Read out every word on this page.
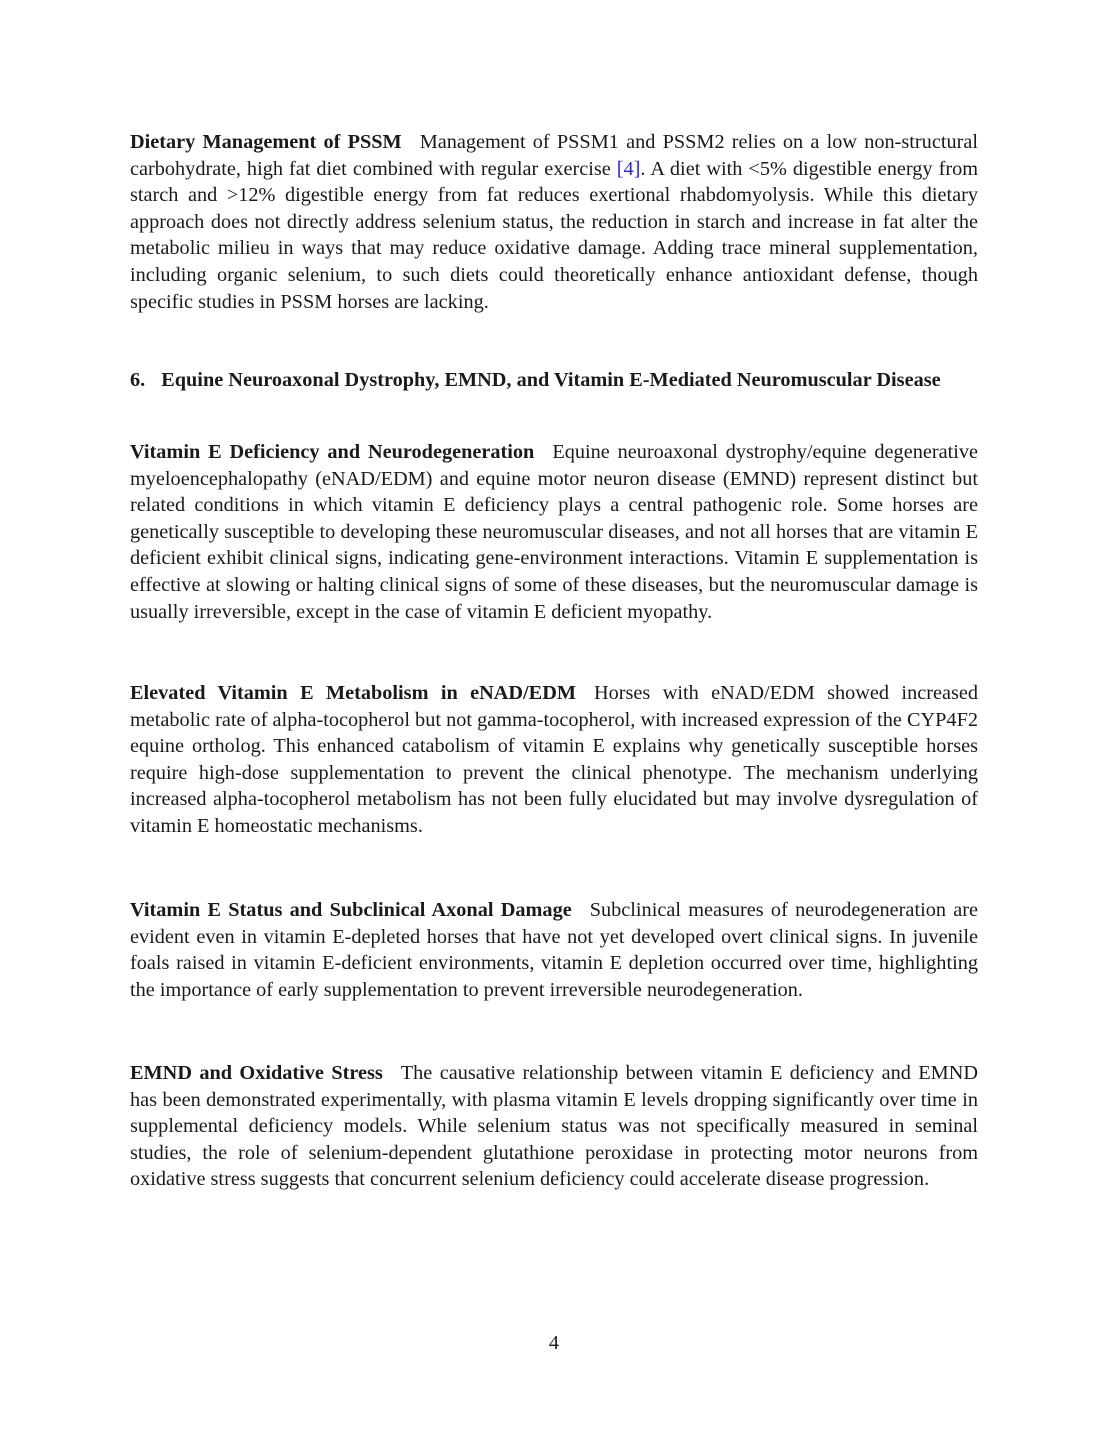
Dietary Management of PSSM Management of PSSM1 and PSSM2 relies on a low non-structural carbohydrate, high fat diet combined with regular exercise [4]. A diet with <5% digestible energy from starch and >12% digestible energy from fat reduces exertional rhabdomyolysis. While this dietary approach does not directly address selenium status, the reduction in starch and increase in fat alter the metabolic milieu in ways that may reduce oxidative damage. Adding trace mineral supplementation, including organic selenium, to such diets could theoretically enhance antioxidant defense, though specific studies in PSSM horses are lacking.

6. Equine Neuroaxonal Dystrophy, EMND, and Vitamin E-Mediated Neuromuscular Disease

Vitamin E Deficiency and Neurodegeneration Equine neuroaxonal dystrophy/equine degenerative myeloencephalopathy (eNAD/EDM) and equine motor neuron disease (EMND) represent distinct but related conditions in which vitamin E deficiency plays a central pathogenic role. Some horses are genetically susceptible to developing these neuromuscular diseases, and not all horses that are vitamin E deficient exhibit clinical signs, indicating gene-environment interactions. Vitamin E supplementation is effective at slowing or halting clinical signs of some of these diseases, but the neuromuscular damage is usually irreversible, except in the case of vitamin E deficient myopathy.

Elevated Vitamin E Metabolism in eNAD/EDM Horses with eNAD/EDM showed increased metabolic rate of alpha-tocopherol but not gamma-tocopherol, with increased expression of the CYP4F2 equine ortholog. This enhanced catabolism of vitamin E explains why genetically susceptible horses require high-dose supplementation to prevent the clinical phenotype. The mechanism underlying increased alpha-tocopherol metabolism has not been fully elucidated but may involve dysregulation of vitamin E homeostatic mechanisms.

Vitamin E Status and Subclinical Axonal Damage Subclinical measures of neurodegeneration are evident even in vitamin E-depleted horses that have not yet developed overt clinical signs. In juvenile foals raised in vitamin E-deficient environments, vitamin E depletion occurred over time, highlighting the importance of early supplementation to prevent irreversible neurodegeneration.

EMND and Oxidative Stress The causative relationship between vitamin E deficiency and EMND has been demonstrated experimentally, with plasma vitamin E levels dropping significantly over time in supplemental deficiency models. While selenium status was not specifically measured in seminal studies, the role of selenium-dependent glutathione peroxidase in protecting motor neurons from oxidative stress suggests that concurrent selenium deficiency could accelerate disease progression.

4
